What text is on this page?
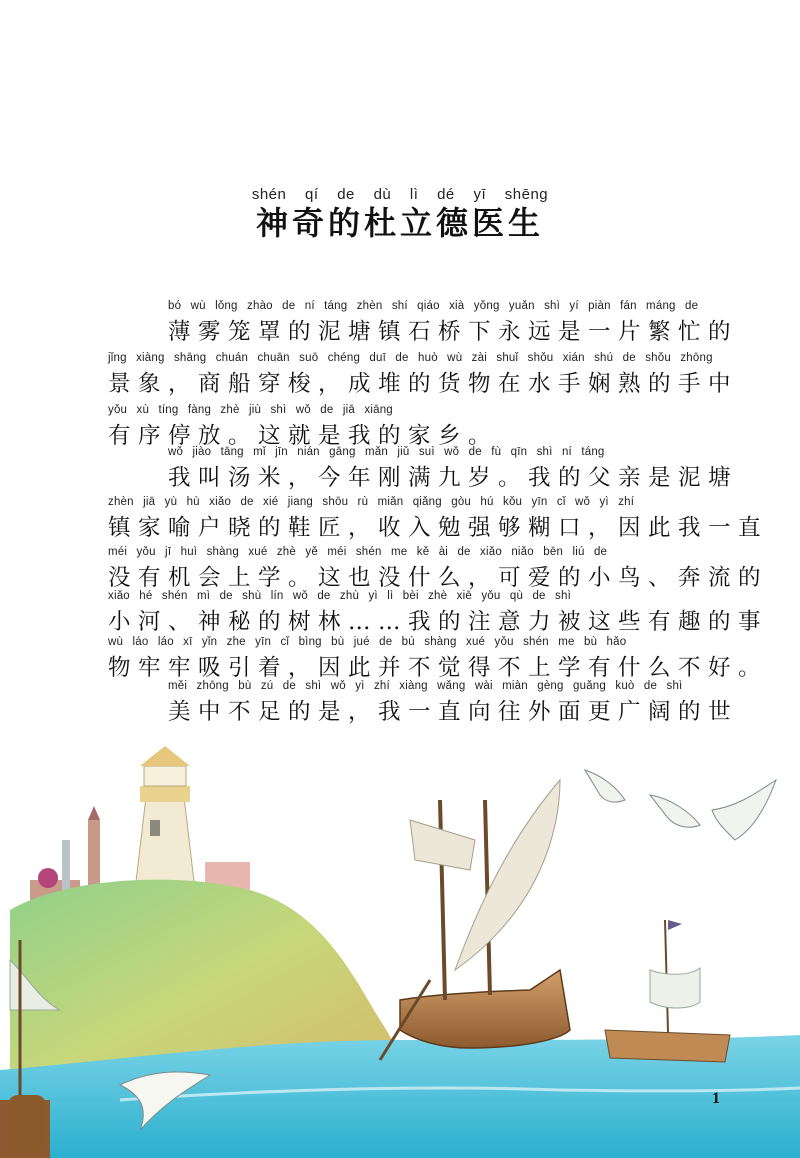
shén qí de dù lì dé yī shēng
神奇的杜立德医生
bó wù lǒng zhào de ní táng zhèn shí qiáo xià yǒng yuǎn shì yí piàn fán máng de
薄雾笼罩的泥塘镇石桥下永远是一片繁忙的
jǐng xiàng shāng chuán chuān suō chéng duī de huò wù zài shuǐ shǒu xián shú de shǒu zhōng
景象，商船穿梭，成堆的货物在水手娴熟的手中
yǒu xù tíng fàng zhè jiù shì wǒ de jiā xiāng
有序停放。这就是我的家乡。
wǒ jiào tāng mǐ jīn nián gāng mǎn jiǔ suì wǒ de fù qīn shì ní táng
我叫汤米，今年刚满九岁。我的父亲是泥塘
zhèn jiā yù hù xiǎo de xié jiang shōu rù miǎn qiǎng gòu hú kǒu yīn cǐ wǒ yì zhí
镇家喻户晓的鞋匠，收入勉强够糊口，因此我一直
méi yǒu jī huì shàng xué zhè yě méi shén me kě ài de xiǎo niǎo bēn liú de
没有机会上学。这也没什么，可爱的小鸟、奔流的
xiǎo hé shén mì de shù lín wǒ de zhù yì lì bèi zhè xiē yǒu qù de shì
小河、神秘的树林……我的注意力被这些有趣的事
wù láo láo xī yǐn zhe yīn cǐ bìng bù jué de bú shàng xué yǒu shén me bù hǎo
物牢牢吸引着，因此并不觉得不上学有什么不好。
měi zhōng bù zú de shì wǒ yì zhí xiàng wǎng wài miàn gèng guǎng kuò de shì
美中不足的是，我一直向往外面更广阔的世
1
